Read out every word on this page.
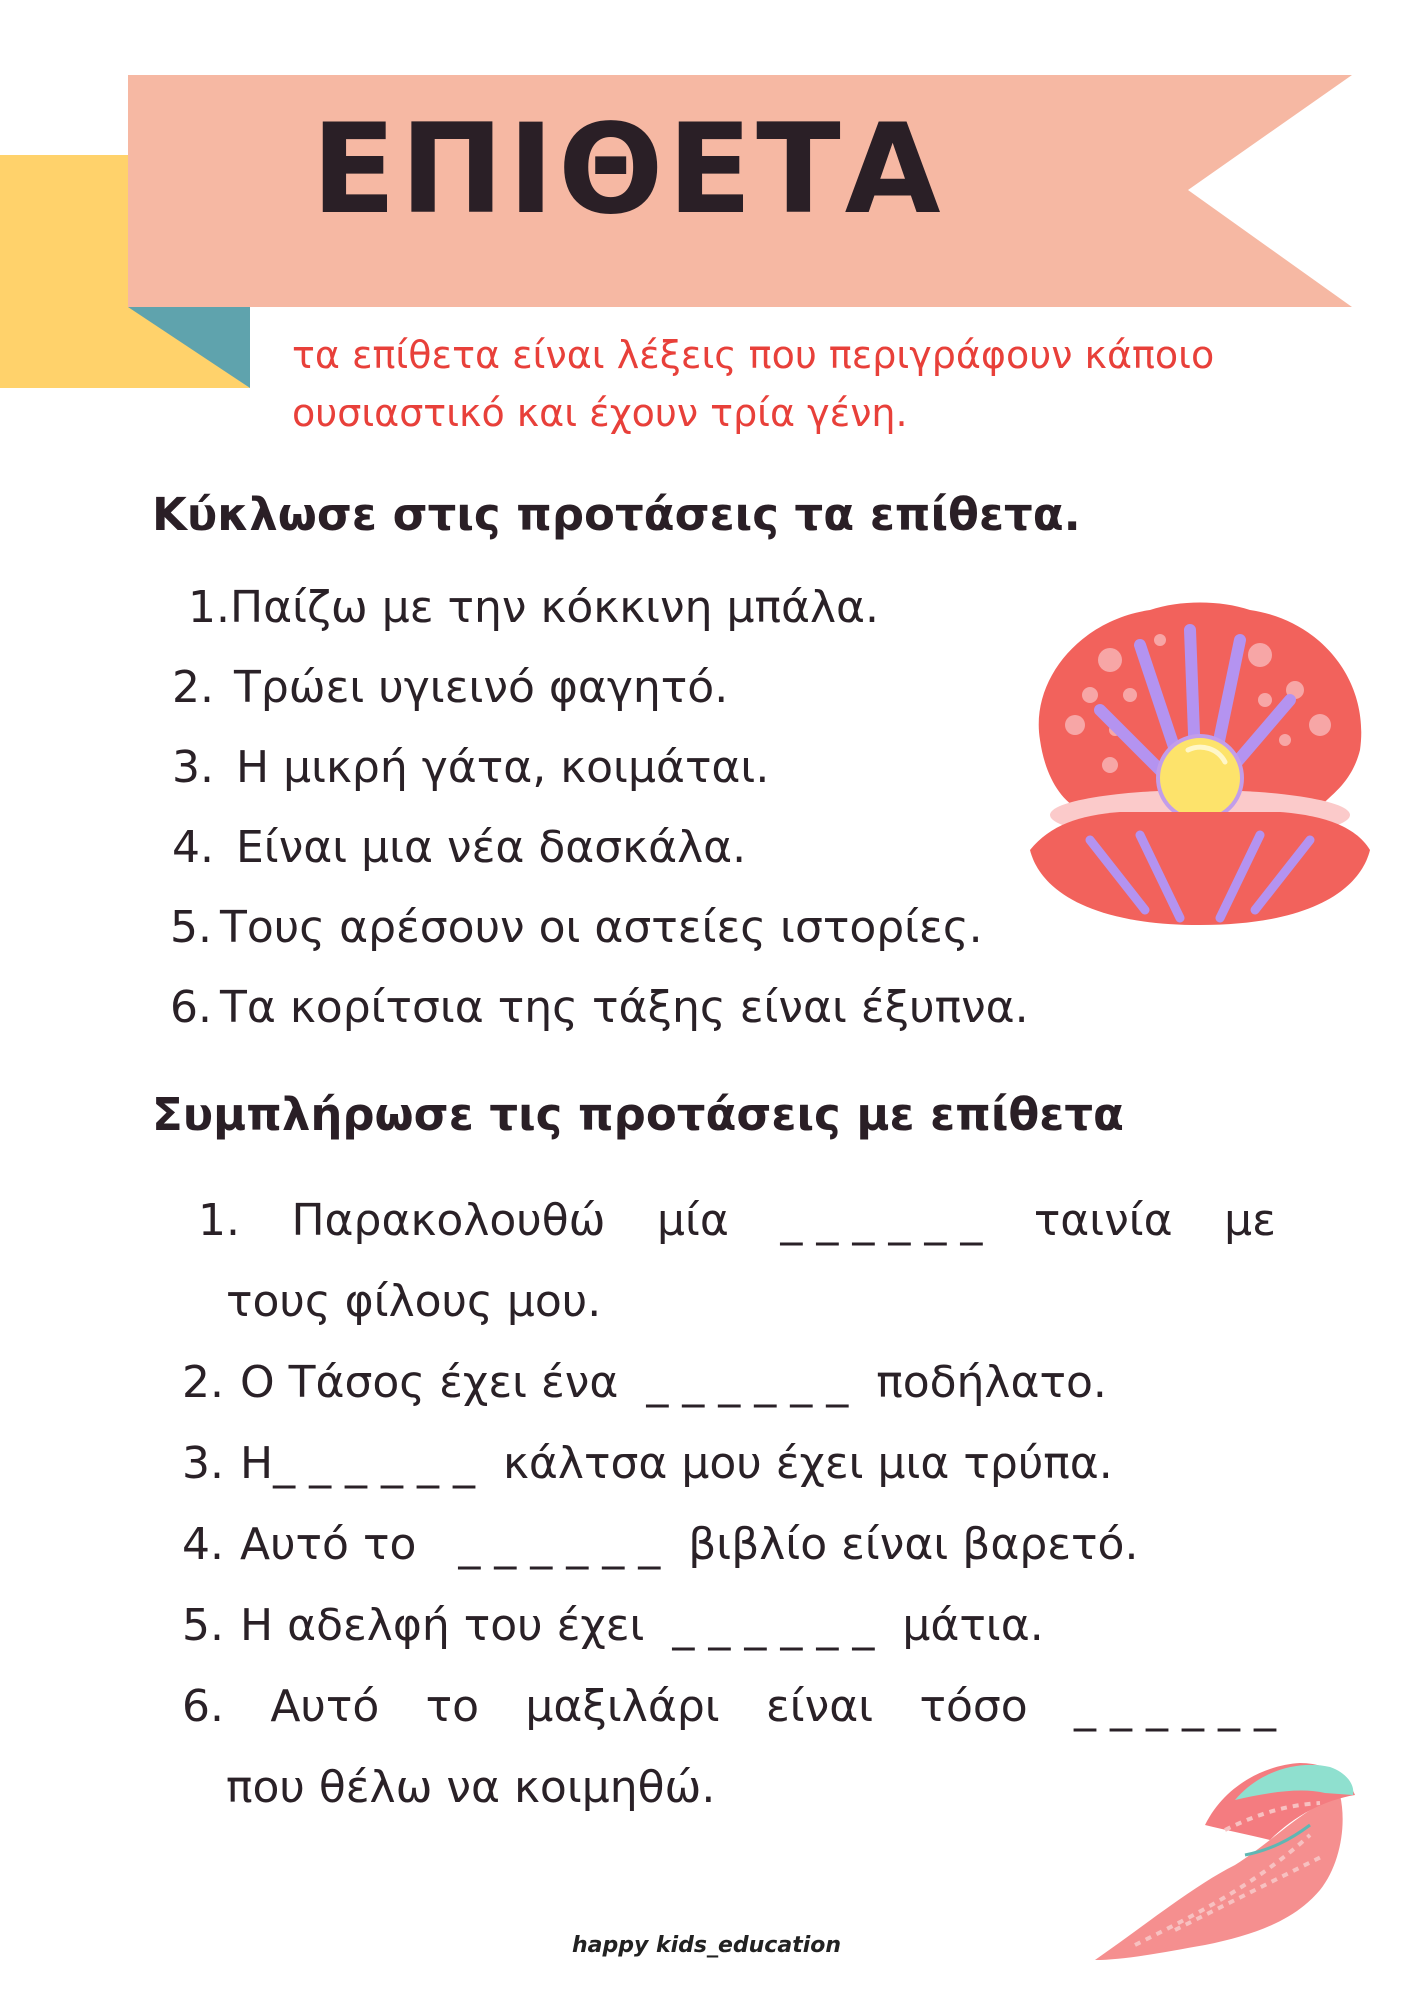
ΕΠΙΘΕΤΑ
τα επίθετα είναι λέξεις που περιγράφουν κάποιο
ουσιαστικό και έχουν τρία γένη.
Κύκλωσε στις προτάσεις τα επίθετα.
1.Παίζω με την κόκκινη μπάλα.
2. Τρώει υγιεινό φαγητό.
3. Η μικρή γάτα, κοιμάται.
4. Είναι μια νέα δασκάλα.
5. Τους αρέσουν οι αστείες ιστορίες.
6. Τα κορίτσια της τάξης είναι έξυπνα.
Συμπλήρωσε τις προτάσεις με επίθετα
1. Παρακολουθώ μία _ _ _ _ _ _ ταινία με
τους φίλους μου.
2. Ο Τάσος έχει ένα  _ _ _ _ _ _  ποδήλατο.
3. Η_ _ _ _ _ _  κάλτσα μου έχει μια τρύπα.
4. Αυτό το   _ _ _ _ _ _  βιβλίο είναι βαρετό.
5. Η αδελφή του έχει  _ _ _ _ _ _  μάτια.
6. Αυτό το μαξιλάρι είναι τόσο _ _ _ _ _ _
που θέλω να κοιμηθώ.
happy kids_education
